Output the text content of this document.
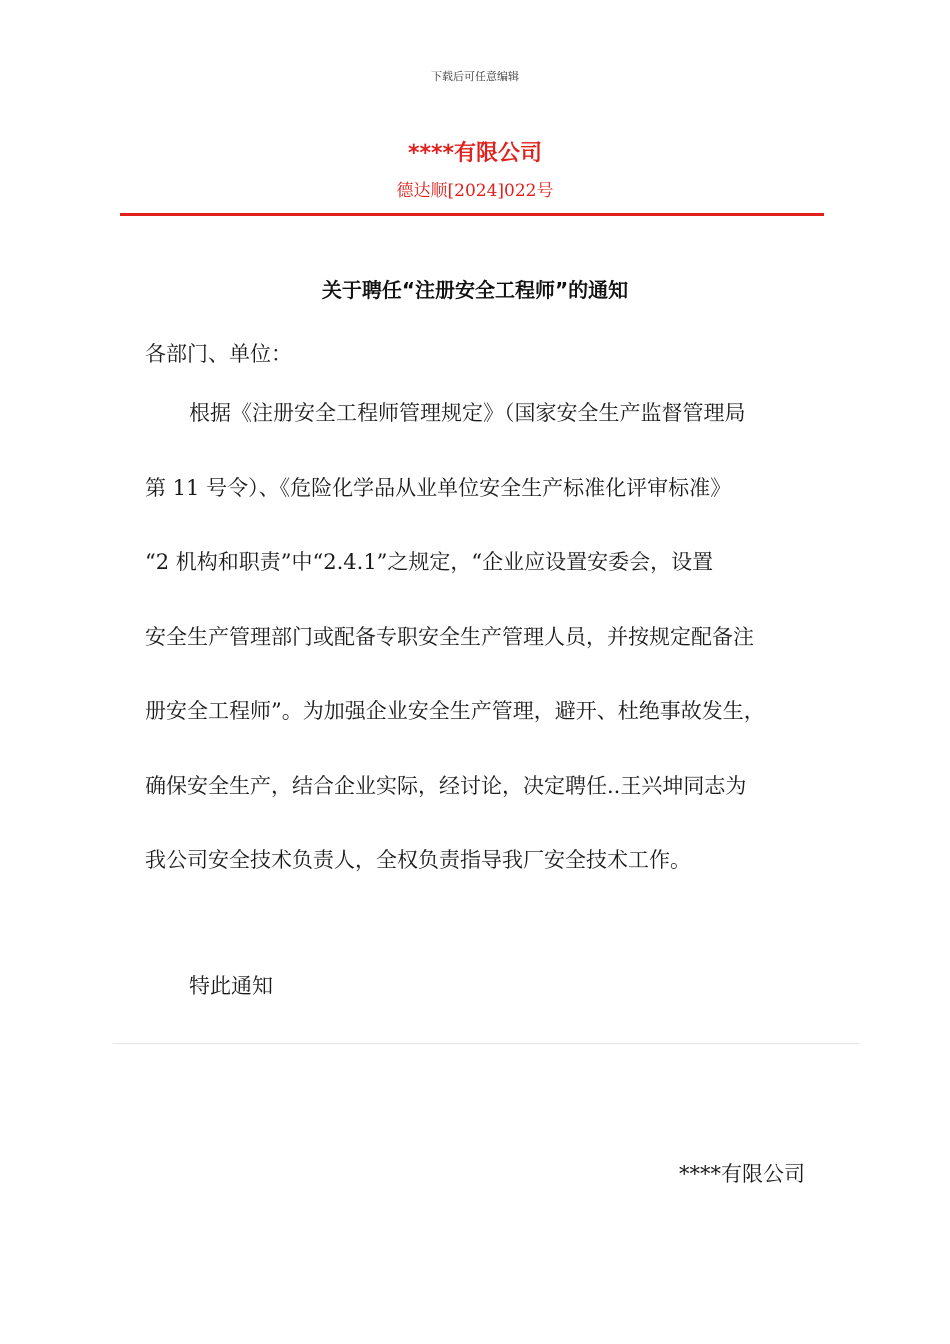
下载后可任意编辑
****有限公司
德达顺[2024]022号
关于聘任“注册安全工程师”的通知
各部门、单位：
根据《注册安全工程师管理规定》（国家安全生产监督管理局
第 11 号令）、《危险化学品从业单位安全生产标准化评审标准》
“2 机构和职责”中“2.4.1”之规定，“企业应设置安委会，设置
安全生产管理部门或配备专职安全生产管理人员，并按规定配备注
册安全工程师”。为加强企业安全生产管理，避开、杜绝事故发生，
确保安全生产，结合企业实际，经讨论，决定聘任..王兴坤同志为
我公司安全技术负责人，全权负责指导我厂安全技术工作。
特此通知
****有限公司
